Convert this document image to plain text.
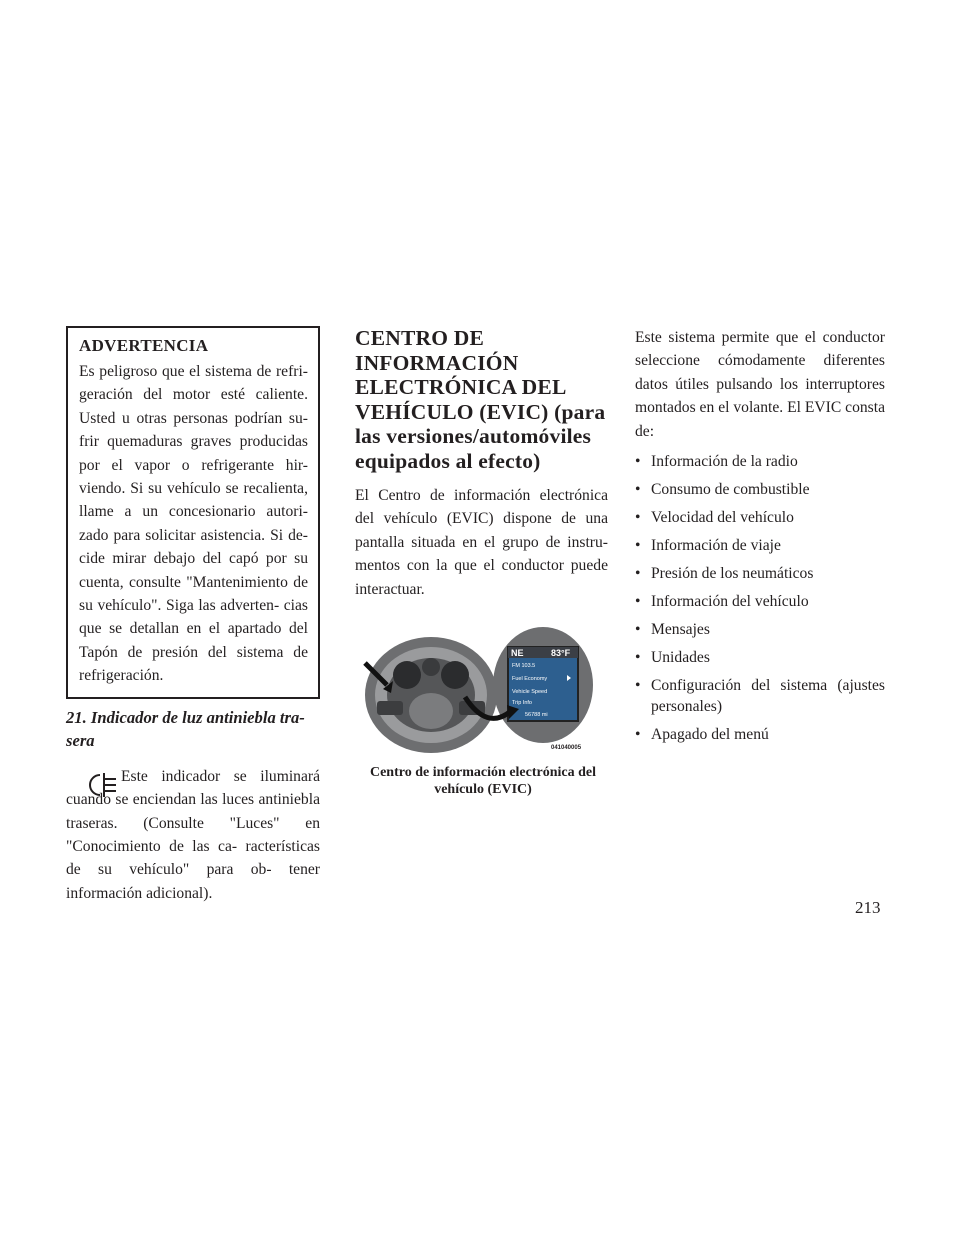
ADVERTENCIA

Es peligroso que el sistema de refri- geración del motor esté caliente. Usted u otras personas podrían su- frir quemaduras graves producidas por el vapor o refrigerante hir- viendo. Si su vehículo se recalienta, llame a un concesionario autori- zado para solicitar asistencia. Si de- cide mirar debajo del capó por su cuenta, consulte "Mantenimiento de su vehículo". Siga las adverten- cias que se detallan en el apartado del Tapón de presión del sistema de refrigeración.

21. Indicador de luz antiniebla tra- sera

Este indicador se iluminará cuando se enciendan las luces antiniebla traseras. (Consulte "Luces" en "Conocimiento de las ca- racterísticas de su vehículo" para ob- tener información adicional).

CENTRO DE INFORMACIÓN ELECTRÓNICA DEL VEHÍCULO (EVIC) (para las versiones/automóviles equipados al efecto)

El Centro de información electrónica del vehículo (EVIC) dispone de una pantalla situada en el grupo de instru- mentos con la que el conductor puede interactuar.

NE	83°F
FM 103.5
Fuel Economy
Vehicle Speed
Trip Info
56788 mi
041040005
Centro de información electrónica del vehículo (EVIC)

Este sistema permite que el conductor seleccione cómodamente diferentes datos útiles pulsando los interruptores montados en el volante. El EVIC consta de:

• Información de la radio
• Consumo de combustible
• Velocidad del vehículo
• Información de viaje
• Presión de los neumáticos
• Información del vehículo
• Mensajes
• Unidades
• Configuración del sistema (ajustes personales)
• Apagado del menú
213
